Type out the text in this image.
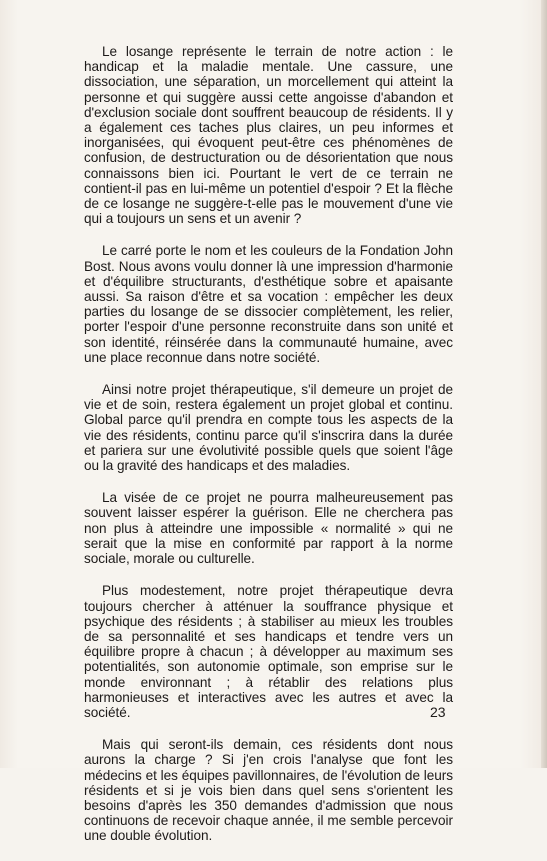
Le losange représente le terrain de notre action : le handicap et la maladie mentale. Une cassure, une dissociation, une séparation, un morcellement qui atteint la personne et qui suggère aussi cette angoisse d'abandon et d'exclusion sociale dont souffrent beaucoup de résidents. Il y a également ces taches plus claires, un peu informes et inorganisées, qui évoquent peut-être ces phénomènes de confusion, de destructuration ou de désorientation que nous connaissons bien ici. Pourtant le vert de ce terrain ne contient-il pas en lui-même un potentiel d'espoir ? Et la flèche de ce losange ne suggère-t-elle pas le mouvement d'une vie qui a toujours un sens et un avenir ?

Le carré porte le nom et les couleurs de la Fondation John Bost. Nous avons voulu donner là une impression d'harmonie et d'équilibre structurants, d'esthétique sobre et apaisante aussi. Sa raison d'être et sa vocation : empêcher les deux parties du losange de se dissocier complètement, les relier, porter l'espoir d'une personne reconstruite dans son unité et son identité, réinsérée dans la communauté humaine, avec une place reconnue dans notre société.

Ainsi notre projet thérapeutique, s'il demeure un projet de vie et de soin, restera également un projet global et continu. Global parce qu'il prendra en compte tous les aspects de la vie des résidents, continu parce qu'il s'inscrira dans la durée et pariera sur une évolutivité possible quels que soient l'âge ou la gravité des handicaps et des maladies.

La visée de ce projet ne pourra malheureusement pas souvent laisser espérer la guérison. Elle ne cherchera pas non plus à atteindre une impossible « normalité » qui ne serait que la mise en conformité par rapport à la norme sociale, morale ou culturelle.

Plus modestement, notre projet thérapeutique devra toujours chercher à atténuer la souffrance physique et psychique des résidents ; à stabiliser au mieux les troubles de sa personnalité et ses handicaps et tendre vers un équilibre propre à chacun ; à développer au maximum ses potentialités, son autonomie optimale, son emprise sur le monde environnant ; à rétablir des relations plus harmonieuses et interactives avec les autres et avec la société.

Mais qui seront-ils demain, ces résidents dont nous aurons la charge ? Si j'en crois l'analyse que font les médecins et les équipes pavillonnaires, de l'évolution de leurs résidents et si je vois bien dans quel sens s'orientent les besoins d'après les 350 demandes d'admission que nous continuons de recevoir chaque année, il me semble percevoir une double évolution.

23
